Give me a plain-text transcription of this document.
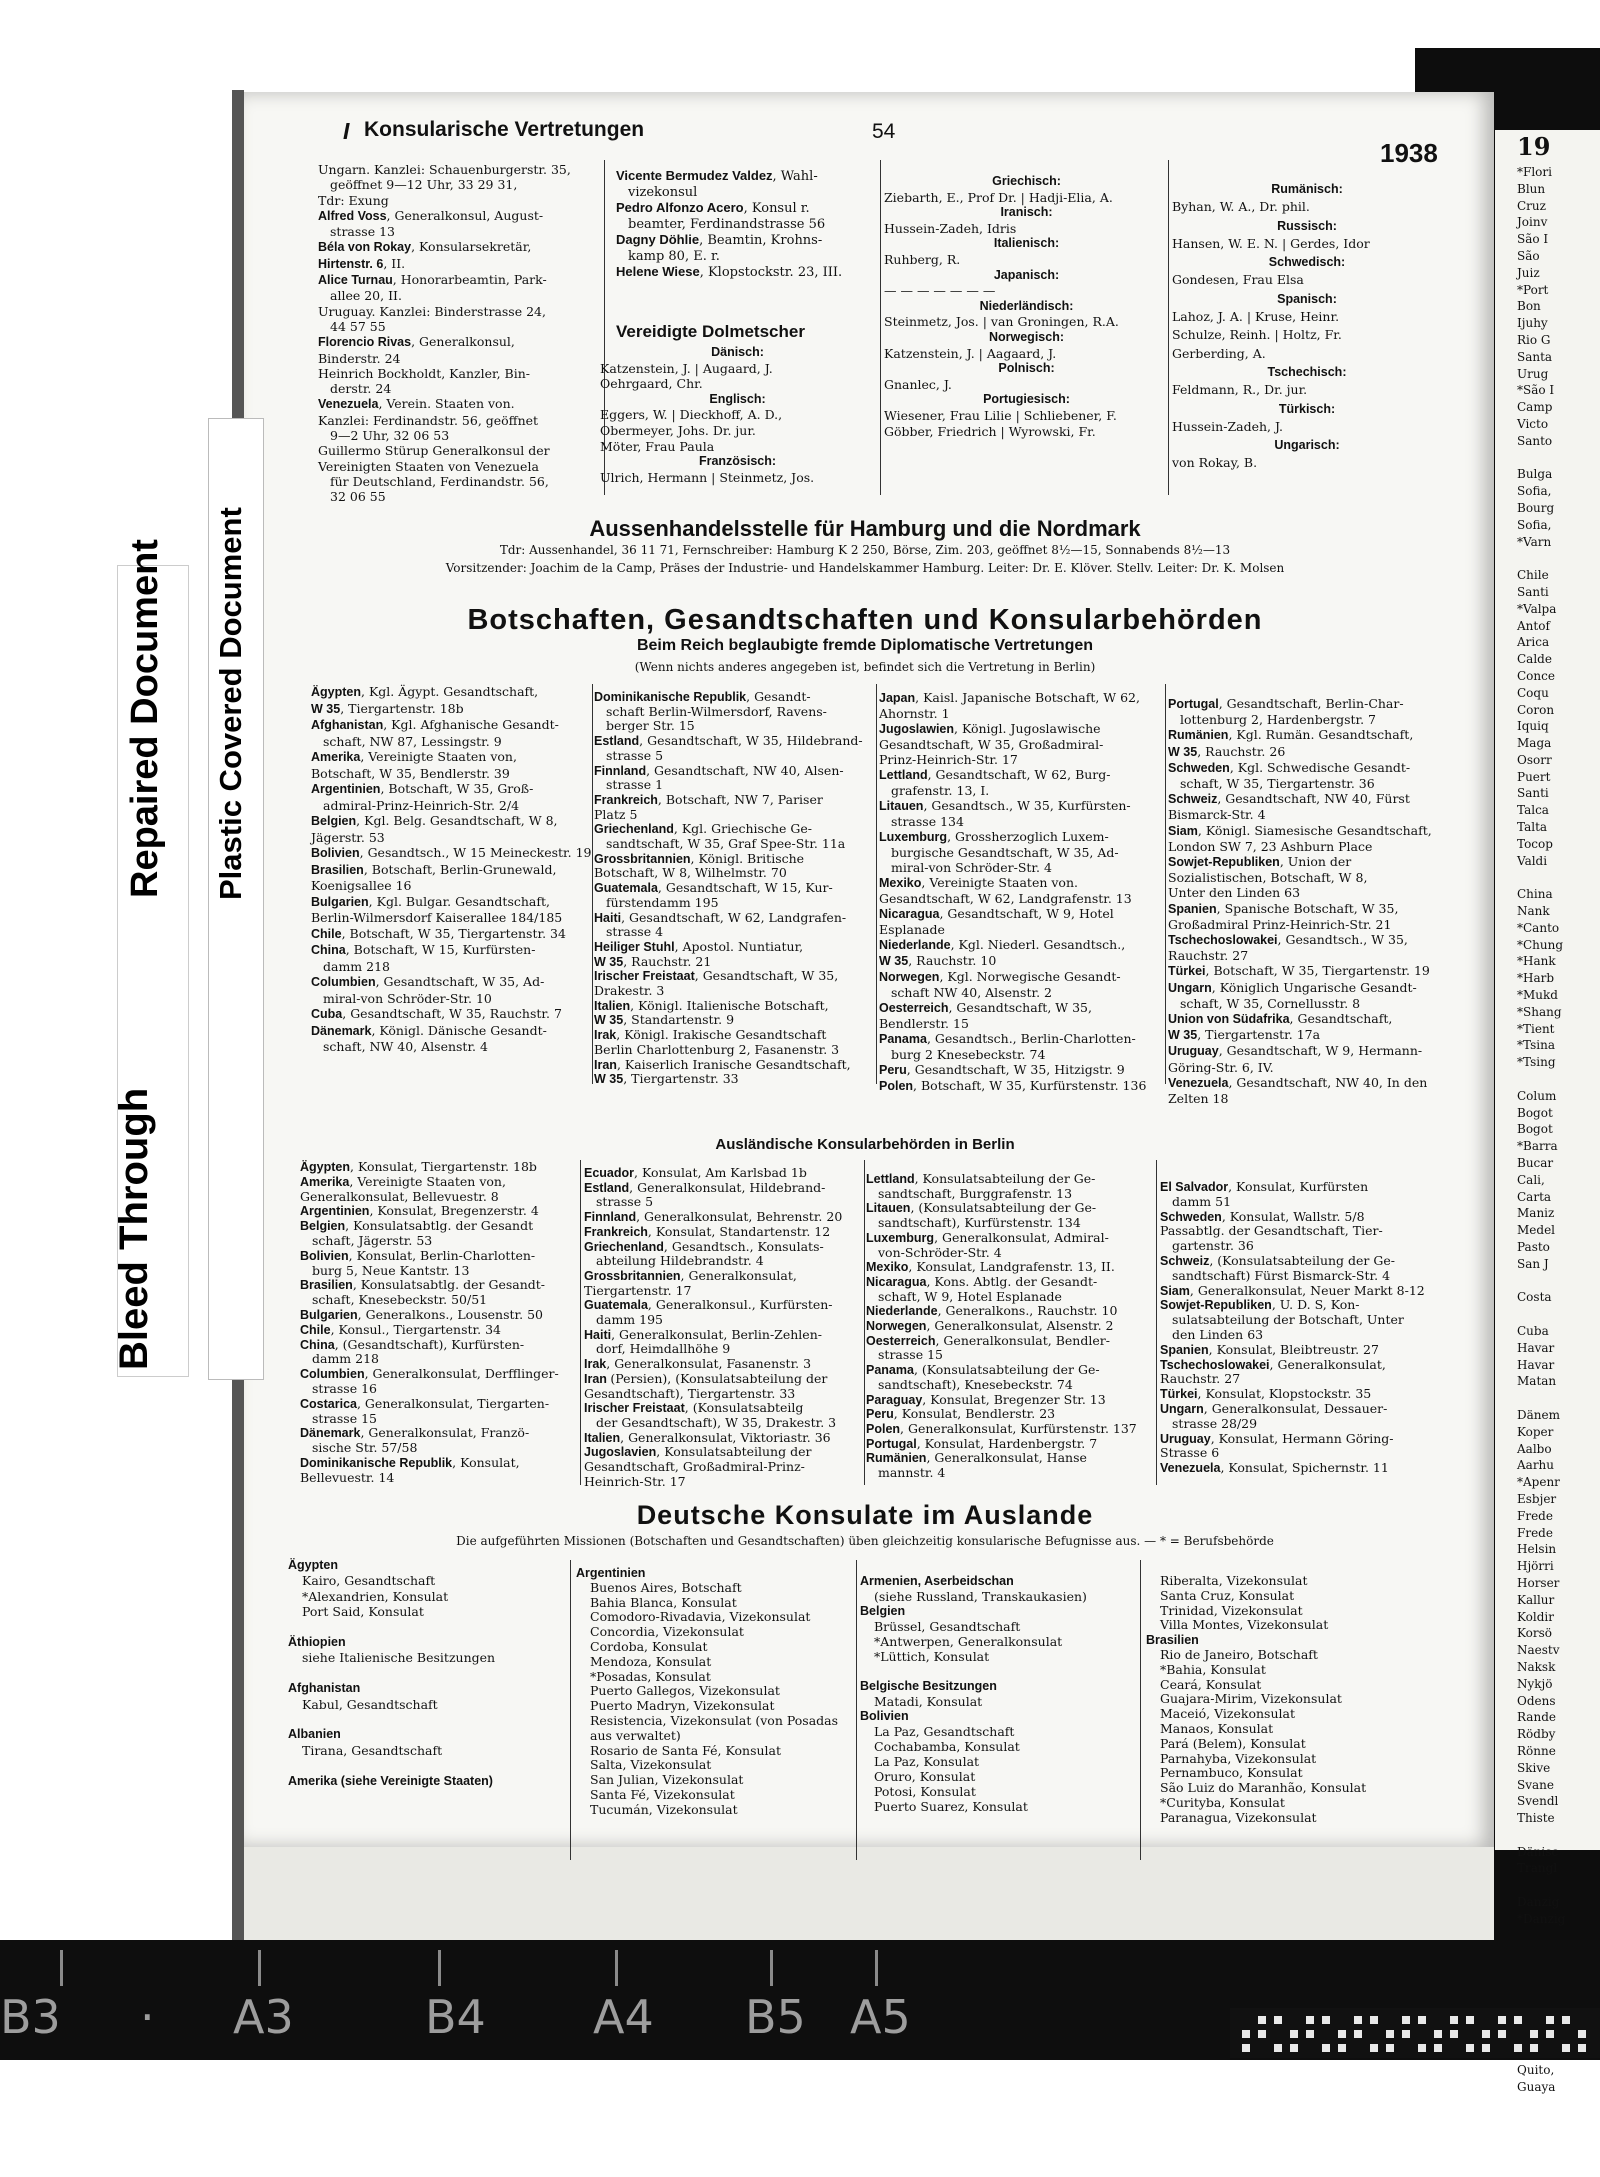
19
*Flori
Blun
Cruz
Joinv
São I
São
Juiz
*Port
Bon
Ijuhy
Rio G
Santa
Urug
*São I
Camp
Victo
Santo

Bulga
Sofia,
Bourg
Sofia,
*Varn

Chile
Santi
*Valpa
Antof
Arica
Calde
Conce
Coqu
Coron
Iquiq
Maga
Osorr
Puert
Santi
Talca
Talta
Tocop
Valdi

China
Nank
*Canto
*Chung
*Hank
*Harb
*Mukd
*Shang
*Tient
*Tsina
*Tsing

Colum
Bogot
Bogot
*Barra
Bucar
Cali,
Carta
Maniz
Medel
Pasto
San J

Costa

Cuba
Havar
Havar
Matan

Dänem
Koper
Aalbo
Aarhu
*Apenr
Esbjer
Frede
Frede
Helsin
Hjörri
Horser
Kallur
Koldir
Korsö
Naestv
Naksk
Nykjö
Odens
Rande
Rödby
Rönne
Skive
Svane
Svendl
Thiste

Dänisc
Trangl

Danzig
*Danzig

Quito,
Guaya
Bleed Through
Repaired Document Plastic Covered Document
I Konsularische Vertretungen	54
1938
Ungarn. Kanzlei: Schauenburgerstr. 35,
geöffnet 9—12 Uhr, 33 29 31,
Tdr: Exung
Alfred Voss, Generalkonsul, August-
strasse 13
Béla von Rokay, Konsularsekretär,
Hirtenstr. 6, II.
Alice Turnau, Honorarbeamtin, Park-
allee 20, II.
Uruguay. Kanzlei: Binderstrasse 24,
44 57 55
Florencio Rivas, Generalkonsul,
Binderstr. 24
Heinrich Bockholdt, Kanzler, Bin-
derstr. 24
Venezuela, Verein. Staaten von.
Kanzlei: Ferdinandstr. 56, geöffnet
9—2 Uhr, 32 06 53
Guillermo Stürup Generalkonsul der
Vereinigten Staaten von Venezuela
für Deutschland, Ferdinandstr. 56,
32 06 55
Vicente Bermudez Valdez, Wahl-
vizekonsul
Pedro Alfonzo Acero, Konsul r.
beamter, Ferdinandstrasse 56
Dagny Döhlie, Beamtin, Krohns-
kamp 80, E. r.
Helene Wiese, Klopstockstr. 23, III.
Vereidigte Dolmetscher
Dänisch:
Katzenstein, J. | Augaard, J.
Oehrgaard, Chr.
Englisch:
Eggers, W. | Dieckhoff, A. D.,
Obermeyer, Johs. Dr. jur.
Möter, Frau Paula
Französisch:
Ulrich, Hermann | Steinmetz, Jos.
Griechisch:
Ziebarth, E., Prof Dr. | Hadji-Elia, A.
Iranisch:
Hussein-Zadeh, Idris
Italienisch:
Ruhberg, R.
Japanisch:
— — — — — — —
Niederländisch:
Steinmetz, Jos. | van Groningen, R.A.
Norwegisch:
Katzenstein, J. | Aagaard, J.
Polnisch:
Gnanlec, J.
Portugiesisch:
Wiesener, Frau Lilie | Schliebener, F.
Göbber, Friedrich | Wyrowski, Fr.
Rumänisch:
Byhan, W. A., Dr. phil.
Russisch:
Hansen, W. E. N. | Gerdes, Idor
Schwedisch:
Gondesen, Frau Elsa
Spanisch:
Lahoz, J. A. | Kruse, Heinr.
Schulze, Reinh. | Holtz, Fr.
Gerberding, A.
Tschechisch:
Feldmann, R., Dr. jur.
Türkisch:
Hussein-Zadeh, J.
Ungarisch:
von Rokay, B.
Aussenhandelsstelle für Hamburg und die Nordmark
Tdr: Aussenhandel, 36 11 71, Fernschreiber: Hamburg K 2 250, Börse, Zim. 203, geöffnet 8½—15, Sonnabends 8½—13
Vorsitzender: Joachim de la Camp, Präses der Industrie- und Handelskammer Hamburg. Leiter: Dr. E. Klöver. Stellv. Leiter: Dr. K. Molsen
Botschaften, Gesandtschaften und Konsularbehörden
Beim Reich beglaubigte fremde Diplomatische Vertretungen
(Wenn nichts anderes angegeben ist, befindet sich die Vertretung in Berlin)
Ägypten, Kgl. Ägypt. Gesandtschaft,
W 35, Tiergartenstr. 18b
Afghanistan, Kgl. Afghanische Gesandt-
schaft, NW 87, Lessingstr. 9
Amerika, Vereinigte Staaten von,
Botschaft, W 35, Bendlerstr. 39
Argentinien, Botschaft, W 35, Groß-
admiral-Prinz-Heinrich-Str. 2/4
Belgien, Kgl. Belg. Gesandtschaft, W 8,
Jägerstr. 53
Bolivien, Gesandtsch., W 15 Meineckestr. 19
Brasilien, Botschaft, Berlin-Grunewald,
Koenigsallee 16
Bulgarien, Kgl. Bulgar. Gesandtschaft,
Berlin-Wilmersdorf Kaiserallee 184/185
Chile, Botschaft, W 35, Tiergartenstr. 34
China, Botschaft, W 15, Kurfürsten-
damm 218
Columbien, Gesandtschaft, W 35, Ad-
miral-von Schröder-Str. 10
Cuba, Gesandtschaft, W 35, Rauchstr. 7
Dänemark, Königl. Dänische Gesandt-
schaft, NW 40, Alsenstr. 4
Dominikanische Republik, Gesandt-
schaft Berlin-Wilmersdorf, Ravens-
berger Str. 15
Estland, Gesandtschaft, W 35, Hildebrand-
strasse 5
Finnland, Gesandtschaft, NW 40, Alsen-
strasse 1
Frankreich, Botschaft, NW 7, Pariser
Platz 5
Griechenland, Kgl. Griechische Ge-
sandtschaft, W 35, Graf Spee-Str. 11a
Grossbritannien, Königl. Britische
Botschaft, W 8, Wilhelmstr. 70
Guatemala, Gesandtschaft, W 15, Kur-
fürstendamm 195
Haiti, Gesandtschaft, W 62, Landgrafen-
strasse 4
Heiliger Stuhl, Apostol. Nuntiatur,
W 35, Rauchstr. 21
Irischer Freistaat, Gesandtschaft, W 35,
Drakestr. 3
Italien, Königl. Italienische Botschaft,
W 35, Standartenstr. 9
Irak, Königl. Irakische Gesandtschaft
Berlin Charlottenburg 2, Fasanenstr. 3
Iran, Kaiserlich Iranische Gesandtschaft,
W 35, Tiergartenstr. 33
Japan, Kaisl. Japanische Botschaft, W 62,
Ahornstr. 1
Jugoslawien, Königl. Jugoslawische
Gesandtschaft, W 35, Großadmiral-
Prinz-Heinrich-Str. 17
Lettland, Gesandtschaft, W 62, Burg-
grafenstr. 13, I.
Litauen, Gesandtsch., W 35, Kurfürsten-
strasse 134
Luxemburg, Grossherzoglich Luxem-
burgische Gesandtschaft, W 35, Ad-
miral-von Schröder-Str. 4
Mexiko, Vereinigte Staaten von.
Gesandtschaft, W 62, Landgrafenstr. 13
Nicaragua, Gesandtschaft, W 9, Hotel
Esplanade
Niederlande, Kgl. Niederl. Gesandtsch.,
W 35, Rauchstr. 10
Norwegen, Kgl. Norwegische Gesandt-
schaft NW 40, Alsenstr. 2
Oesterreich, Gesandtschaft, W 35,
Bendlerstr. 15
Panama, Gesandtsch., Berlin-Charlotten-
burg 2 Knesebeckstr. 74
Peru, Gesandtschaft, W 35, Hitzigstr. 9
Polen, Botschaft, W 35, Kurfürstenstr. 136
Portugal, Gesandtschaft, Berlin-Char-
lottenburg 2, Hardenbergstr. 7
Rumänien, Kgl. Rumän. Gesandtschaft,
W 35, Rauchstr. 26
Schweden, Kgl. Schwedische Gesandt-
schaft, W 35, Tiergartenstr. 36
Schweiz, Gesandtschaft, NW 40, Fürst
Bismarck-Str. 4
Siam, Königl. Siamesische Gesandtschaft,
London SW 7, 23 Ashburn Place
Sowjet-Republiken, Union der
Sozialistischen, Botschaft, W 8,
Unter den Linden 63
Spanien, Spanische Botschaft, W 35,
Großadmiral Prinz-Heinrich-Str. 21
Tschechoslowakei, Gesandtsch., W 35,
Rauchstr. 27
Türkei, Botschaft, W 35, Tiergartenstr. 19
Ungarn, Königlich Ungarische Gesandt-
schaft, W 35, Cornellusstr. 8
Union von Südafrika, Gesandtschaft,
W 35, Tiergartenstr. 17a
Uruguay, Gesandtschaft, W 9, Hermann-
Göring-Str. 6, IV.
Venezuela, Gesandtschaft, NW 40, In den
Zelten 18
Ausländische Konsularbehörden in Berlin
Ägypten, Konsulat, Tiergartenstr. 18b
Amerika, Vereinigte Staaten von,
Generalkonsulat, Bellevuestr. 8
Argentinien, Konsulat, Bregenzerstr. 4
Belgien, Konsulatsabtlg. der Gesandt
schaft, Jägerstr. 53
Bolivien, Konsulat, Berlin-Charlotten-
burg 5, Neue Kantstr. 13
Brasilien, Konsulatsabtlg. der Gesandt-
schaft, Knesebeckstr. 50/51
Bulgarien, Generalkons., Lousenstr. 50
Chile, Konsul., Tiergartenstr. 34
China, (Gesandtschaft), Kurfürsten-
damm 218
Columbien, Generalkonsulat, Derfflinger-
strasse 16
Costarica, Generalkonsulat, Tiergarten-
strasse 15
Dänemark, Generalkonsulat, Franzö-
sische Str. 57/58
Dominikanische Republik, Konsulat,
Bellevuestr. 14
Ecuador, Konsulat, Am Karlsbad 1b
Estland, Generalkonsulat, Hildebrand-
strasse 5
Finnland, Generalkonsulat, Behrenstr. 20
Frankreich, Konsulat, Standartenstr. 12
Griechenland, Gesandtsch., Konsulats-
abteilung Hildebrandstr. 4
Grossbritannien, Generalkonsulat,
Tiergartenstr. 17
Guatemala, Generalkonsul., Kurfürsten-
damm 195
Haiti, Generalkonsulat, Berlin-Zehlen-
dorf, Heimdallhöhe 9
Irak, Generalkonsulat, Fasanenstr. 3
Iran (Persien), (Konsulatsabteilung der
Gesandtschaft), Tiergartenstr. 33
Irischer Freistaat, (Konsulatsabteilg
der Gesandtschaft), W 35, Drakestr. 3
Italien, Generalkonsulat, Viktoriastr. 36
Jugoslavien, Konsulatsabteilung der
Gesandtschaft, Großadmiral-Prinz-
Heinrich-Str. 17
Lettland, Konsulatsabteilung der Ge-
sandtschaft, Burggrafenstr. 13
Litauen, (Konsulatsabteilung der Ge-
sandtschaft), Kurfürstenstr. 134
Luxemburg, Generalkonsulat, Admiral-
von-Schröder-Str. 4
Mexiko, Konsulat, Landgrafenstr. 13, II.
Nicaragua, Kons. Abtlg. der Gesandt-
schaft, W 9, Hotel Esplanade
Niederlande, Generalkons., Rauchstr. 10
Norwegen, Generalkonsulat, Alsenstr. 2
Oesterreich, Generalkonsulat, Bendler-
strasse 15
Panama, (Konsulatsabteilung der Ge-
sandtschaft), Knesebeckstr. 74
Paraguay, Konsulat, Bregenzer Str. 13
Peru, Konsulat, Bendlerstr. 23
Polen, Generalkonsulat, Kurfürstenstr. 137
Portugal, Konsulat, Hardenbergstr. 7
Rumänien, Generalkonsulat, Hanse
mannstr. 4
El Salvador, Konsulat, Kurfürsten
damm 51
Schweden, Konsulat, Wallstr. 5/8
Passabtlg. der Gesandtschaft, Tier-
gartenstr. 36
Schweiz, (Konsulatsabteilung der Ge-
sandtschaft) Fürst Bismarck-Str. 4
Siam, Generalkonsulat, Neuer Markt 8-12
Sowjet-Republiken, U. D. S, Kon-
sulatsabteilung der Botschaft, Unter
den Linden 63
Spanien, Konsulat, Bleibtreustr. 27
Tschechoslowakei, Generalkonsulat,
Rauchstr. 27
Türkei, Konsulat, Klopstockstr. 35
Ungarn, Generalkonsulat, Dessauer-
strasse 28/29
Uruguay, Konsulat, Hermann Göring-
Strasse 6
Venezuela, Konsulat, Spichernstr. 11
Deutsche Konsulate im Auslande
Die aufgeführten Missionen (Botschaften und Gesandtschaften) üben gleichzeitig konsularische Befugnisse aus. — * = Berufsbehörde
Ägypten
Kairo, Gesandtschaft
*Alexandrien, Konsulat
Port Said, Konsulat

Äthiopien
siehe Italienische Besitzungen

Afghanistan
Kabul, Gesandtschaft

Albanien
Tirana, Gesandtschaft

Amerika (siehe Vereinigte Staaten)
Argentinien
Buenos Aires, Botschaft
Bahia Blanca, Konsulat
Comodoro-Rivadavia, Vizekonsulat
Concordia, Vizekonsulat
Cordoba, Konsulat
Mendoza, Konsulat
*Posadas, Konsulat
Puerto Gallegos, Vizekonsulat
Puerto Madryn, Vizekonsulat
Resistencia, Vizekonsulat (von Posadas
aus verwaltet)
Rosario de Santa Fé, Konsulat
Salta, Vizekonsulat
San Julian, Vizekonsulat
Santa Fé, Vizekonsulat
Tucumán, Vizekonsulat
Armenien, Aserbeidschan
(siehe Russland, Transkaukasien)
Belgien
Brüssel, Gesandtschaft
*Antwerpen, Generalkonsulat
*Lüttich, Konsulat

Belgische Besitzungen
Matadi, Konsulat
Bolivien
La Paz, Gesandtschaft
Cochabamba, Konsulat
La Paz, Konsulat
Oruro, Konsulat
Potosi, Konsulat
Puerto Suarez, Konsulat
Riberalta, Vizekonsulat
Santa Cruz, Konsulat
Trinidad, Vizekonsulat
Villa Montes, Vizekonsulat
Brasilien
Rio de Janeiro, Botschaft
*Bahia, Konsulat
Ceará, Konsulat
Guajara-Mirim, Vizekonsulat
Maceió, Vizekonsulat
Manaos, Konsulat
Pará (Belem), Konsulat
Parnahyba, Vizekonsulat
Pernambuco, Konsulat
São Luiz do Maranhão, Konsulat
*Curityba, Konsulat
Paranagua, Vizekonsulat
B3 · A3	B4 A4 B5 A5
